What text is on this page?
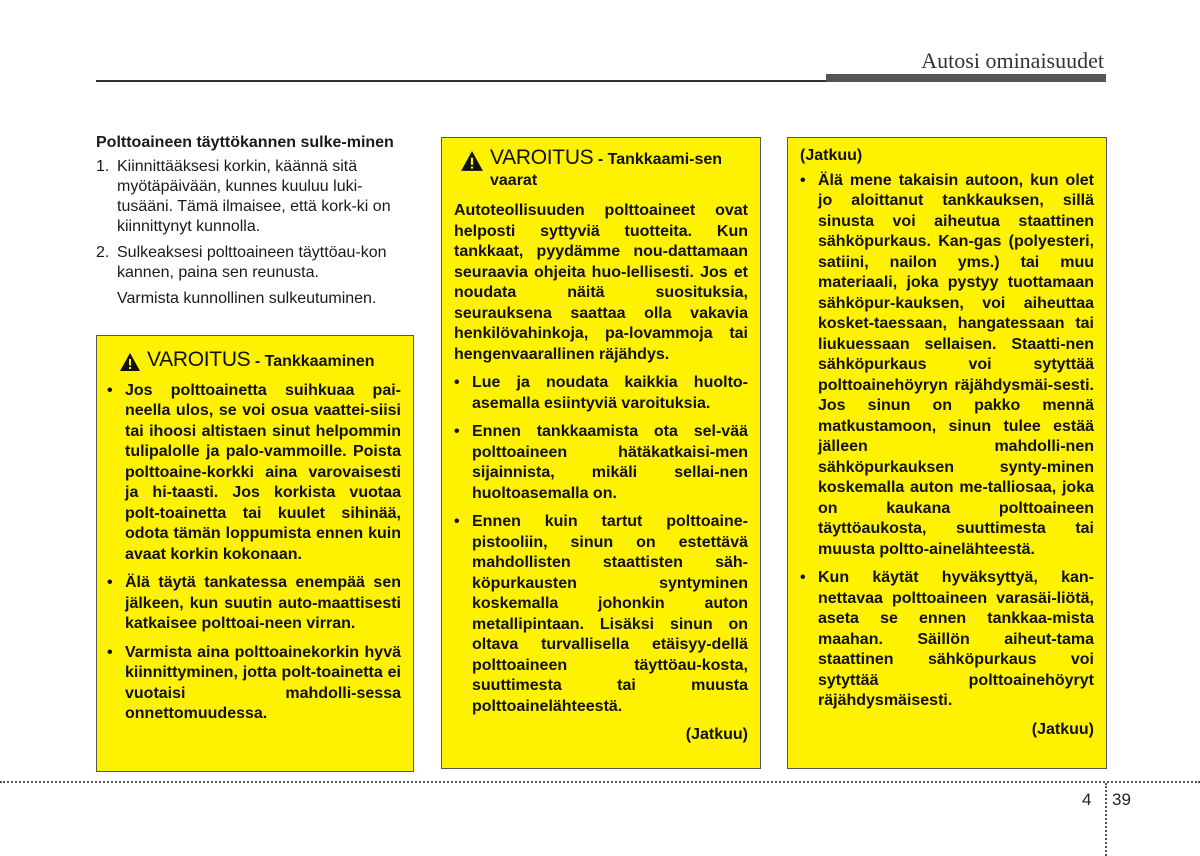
Autosi ominaisuudet
Polttoaineen täyttökannen sulke-minen
1. Kiinnittääksesi korkin, käännä sitä myötäpäivään, kunnes kuuluu luki-tusääni. Tämä ilmaisee, että kork-ki on kiinnittynyt kunnolla.
2. Sulkeaksesi polttoaineen täyttöau-kon kannen, paina sen reunusta.
Varmista kunnollinen sulkeutuminen.
VAROITUS - Tankkaaminen
• Jos polttoainetta suihkuaa pai-neella ulos, se voi osua vaattei-siisi tai ihoosi altistaen sinut helpommin tulipalolle ja palo-vammoille. Poista polttoaine-korkki aina varovaisesti ja hi-taasti. Jos korkista vuotaa polt-toainetta tai kuulet sihinää, odota tämän loppumista ennen kuin avaat korkin kokonaan.
• Älä täytä tankatessa enempää sen jälkeen, kun suutin auto-maattisesti katkaisee polttoai-neen virran.
• Varmista aina polttoainekorkin hyvä kiinnittyminen, jotta polt-toainetta ei vuotaisi mahdolli-sessa onnettomuudessa.
VAROITUS - Tankkaami-sen vaarat
Autoteollisuuden polttoaineet ovat helposti syttyviä tuotteita. Kun tankkaat, pyydämme nou-dattamaan seuraavia ohjeita huo-lellisesti. Jos et noudata näitä suosituksia, seurauksena saattaa olla vakavia henkilövahinkoja, pa-lovammoja tai hengenvaarallinen räjähdys.
• Lue ja noudata kaikkia huolto-asemalla esiintyviä varoituksia.
• Ennen tankkaamista ota sel-vää polttoaineen hätäkatkaisi-men sijainnista, mikäli sellai-nen huoltoasemalla on.
• Ennen kuin tartut polttoaine-pistooliin, sinun on estettävä mahdollisten staattisten säh-köpurkausten syntyminen koskemalla johonkin auton metallipintaan. Lisäksi sinun on oltava turvallisella etäisyy-dellä polttoaineen täyttöau-kosta, suuttimesta tai muusta polttoainelähteestä.
(Jatkuu)
(Jatkuu)
• Älä mene takaisin autoon, kun olet jo aloittanut tankkauksen, sillä sinusta voi aiheutua staattinen sähköpurkaus. Kan-gas (polyesteri, satiini, nailon yms.) tai muu materiaali, joka pystyy tuottamaan sähköpur-kauksen, voi aiheuttaa kosket-taessaan, hangatessaan tai liukuessaan sellaisen. Staatti-nen sähköpurkaus voi sytyttää polttoainehöyryn räjähdysmäi-sesti. Jos sinun on pakko mennä matkustamoon, sinun tulee estää jälleen mahdolli-nen sähköpurkauksen synty-minen koskemalla auton me-talliosaa, joka on kaukana polttoaineen täyttöaukosta, suuttimesta tai muusta poltto-ainelähteestä.
• Kun käytät hyväksyttyä, kan-nettavaa polttoaineen varasäi-liötä, aseta se ennen tankkaa-mista maahan. Säillön aiheut-tama staattinen sähköpurkaus voi sytyttää polttoainehöyryt räjähdysmäisesti.
(Jatkuu)
4 39
